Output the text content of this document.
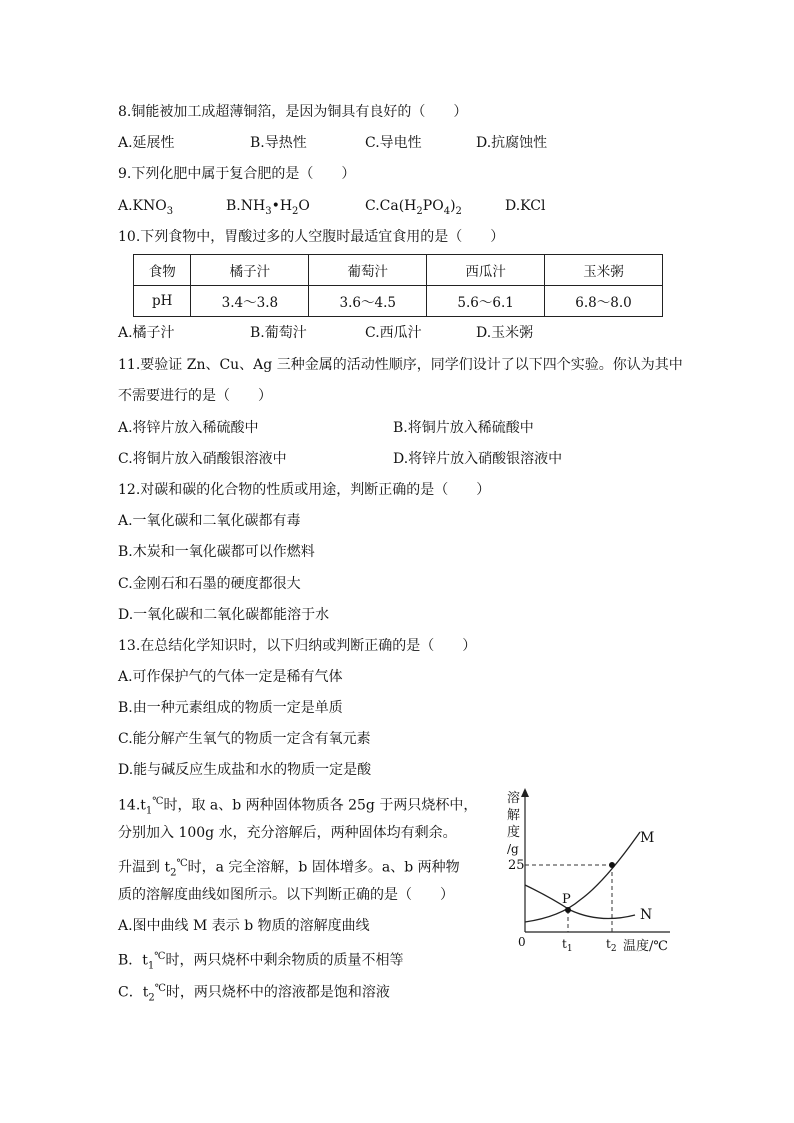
8.铜能被加工成超薄铜箔，是因为铜具有良好的（　　）
A.延展性	B.导热性	C.导电性	D.抗腐蚀性
9.下列化肥中属于复合肥的是（　　）
$A.KNO_3$	$B.NH_3•H_2O$	$C.Ca(H_2PO_4)_2$	D.KCl
10.下列食物中，胃酸过多的人空腹时最适宜食用的是（　　）
食物	橘子汁	葡萄汁	西瓜汁	玉米粥
pH	3.4～3.8	3.6～4.5	5.6～6.1	6.8～8.0
A.橘子汁	B.葡萄汁	C.西瓜汁	D.玉米粥
11.要验证 Zn、Cu、Ag 三种金属的活动性顺序，同学们设计了以下四个实验。你认为其中
不需要进行的是（　　）
A.将锌片放入稀硫酸中	B.将铜片放入稀硫酸中
C.将铜片放入硝酸银溶液中	D.将锌片放入硝酸银溶液中
12.对碳和碳的化合物的性质或用途，判断正确的是（　　）
A.一氧化碳和二氧化碳都有毒
B.木炭和一氧化碳都可以作燃料
C.金刚石和石墨的硬度都很大
D.一氧化碳和二氧化碳都能溶于水
13.在总结化学知识时，以下归纳或判断正确的是（　　）
A.可作保护气的气体一定是稀有气体
B.由一种元素组成的物质一定是单质
C.能分解产生氧气的物质一定含有氧元素
D.能与碱反应生成盐和水的物质一定是酸
$14.t_1^℃$时，取 a、b 两种固体物质各 25g 于两只烧杯中，
分别加入 100g 水，充分溶解后，两种固体均有剩余。
升温到 $t_2^℃$时，a 完全溶解，b 固体增多。a、b 两种物
质的溶解度曲线如图所示。以下判断正确的是（　　）
A.图中曲线 M 表示 b 物质的溶解度曲线
B．$t_1^℃$时，两只烧杯中剩余物质的质量不相等
C．$t_2^℃$时，两只烧杯中的溶液都是饱和溶液
溶
解
度
/g
25
P
M
N
0	$t_1$	$t_2$ 温度/℃
